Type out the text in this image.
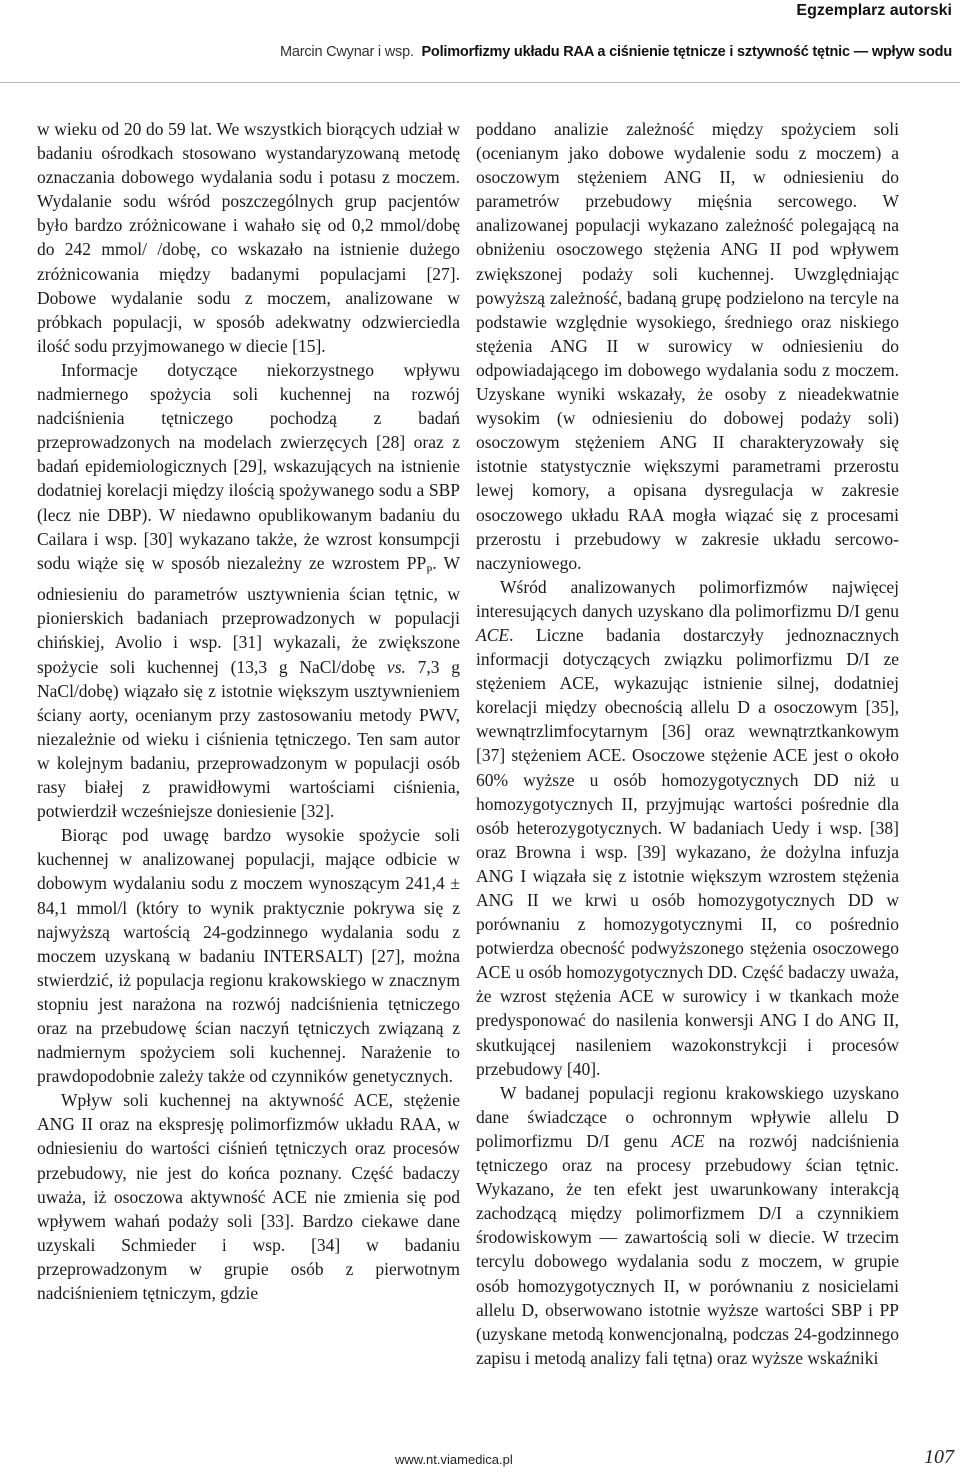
Egzemplarz autorski
Marcin Cwynar i wsp. Polimorfizmy układu RAA a ciśnienie tętnicze i sztywność tętnic — wpływ sodu

w wieku od 20 do 59 lat. We wszystkich biorących udział w badaniu ośrodkach stosowano wystandaryzowaną metodę oznaczania dobowego wydalania sodu i potasu z moczem. Wydalanie sodu wśród poszczególnych grup pacjentów było bardzo zróżnicowane i wahało się od 0,2 mmol/dobę do 242 mmol/ /dobę, co wskazało na istnienie dużego zróżnicowania między badanymi populacjami [27]. Dobowe wydalanie sodu z moczem, analizowane w próbkach populacji, w sposób adekwatny odzwierciedla ilość sodu przyjmowanego w diecie [15].

Informacje dotyczące niekorzystnego wpływu nadmiernego spożycia soli kuchennej na rozwój nadciśnienia tętniczego pochodzą z badań przeprowadzonych na modelach zwierzęcych [28] oraz z badań epidemiologicznych [29], wskazujących na istnienie dodatniej korelacji między ilością spożywanego sodu a SBP (lecz nie DBP). W niedawno opublikowanym badaniu du Cailara i wsp. [30] wykazano także, że wzrost konsumpcji sodu wiąże się w sposób niezależny ze wzrostem $PP_P$. W odniesieniu do parametrów usztywnienia ścian tętnic, w pionierskich badaniach przeprowadzonych w populacji chińskiej, Avolio i wsp. [31] wykazali, że zwiększone spożycie soli kuchennej (13,3 g NaCl/dobę vs. 7,3 g NaCl/dobę) wiązało się z istotnie większym usztywnieniem ściany aorty, ocenianym przy zastosowaniu metody PWV, niezależnie od wieku i ciśnienia tętniczego. Ten sam autor w kolejnym badaniu, przeprowadzonym w populacji osób rasy białej z prawidłowymi wartościami ciśnienia, potwierdził wcześniejsze doniesienie [32].

Biorąc pod uwagę bardzo wysokie spożycie soli kuchennej w analizowanej populacji, mające odbicie w dobowym wydalaniu sodu z moczem wynoszącym 241,4 ± 84,1 mmol/l (który to wynik praktycznie pokrywa się z najwyższą wartością 24-godzinnego wydalania sodu z moczem uzyskaną w badaniu INTERSALT) [27], można stwierdzić, iż populacja regionu krakowskiego w znacznym stopniu jest narażona na rozwój nadciśnienia tętniczego oraz na przebudowę ścian naczyń tętniczych związaną z nadmiernym spożyciem soli kuchennej. Narażenie to prawdopodobnie zależy także od czynników genetycznych.

Wpływ soli kuchennej na aktywność ACE, stężenie ANG II oraz na ekspresję polimorfizmów układu RAA, w odniesieniu do wartości ciśnień tętniczych oraz procesów przebudowy, nie jest do końca poznany. Część badaczy uważa, iż osoczowa aktywność ACE nie zmienia się pod wpływem wahań podaży soli [33]. Bardzo ciekawe dane uzyskali Schmieder i wsp. [34] w badaniu przeprowadzonym w grupie osób z pierwotnym nadciśnieniem tętniczym, gdzie

poddano analizie zależność między spożyciem soli (ocenianym jako dobowe wydalenie sodu z moczem) a osoczowym stężeniem ANG II, w odniesieniu do parametrów przebudowy mięśnia sercowego. W analizowanej populacji wykazano zależność polegającą na obniżeniu osoczowego stężenia ANG II pod wpływem zwiększonej podaży soli kuchennej. Uwzględniając powyższą zależność, badaną grupę podzielono na tercyle na podstawie względnie wysokiego, średniego oraz niskiego stężenia ANG II w surowicy w odniesieniu do odpowiadającego im dobowego wydalania sodu z moczem. Uzyskane wyniki wskazały, że osoby z nieadekwatnie wysokim (w odniesieniu do dobowej podaży soli) osoczowym stężeniem ANG II charakteryzowały się istotnie statystycznie większymi parametrami przerostu lewej komory, a opisana dysregulacja w zakresie osoczowego układu RAA mogła wiązać się z procesami przerostu i przebudowy w zakresie układu sercowo-naczyniowego.

Wśród analizowanych polimorfizmów najwięcej interesujących danych uzyskano dla polimorfizmu D/I genu ACE. Liczne badania dostarczyły jednoznacznych informacji dotyczących związku polimorfizmu D/I ze stężeniem ACE, wykazując istnienie silnej, dodatniej korelacji między obecnością allelu D a osoczowym [35], wewnątrzlimfocytarnym [36] oraz wewnątrztkankowym [37] stężeniem ACE. Osoczowe stężenie ACE jest o około 60% wyższe u osób homozygotycznych DD niż u homozygotycznych II, przyjmując wartości pośrednie dla osób heterozygotycznych. W badaniach Uedy i wsp. [38] oraz Browna i wsp. [39] wykazano, że dożylna infuzja ANG I wiązała się z istotnie większym wzrostem stężenia ANG II we krwi u osób homozygotycznych DD w porównaniu z homozygotycznymi II, co pośrednio potwierdza obecność podwyższonego stężenia osoczowego ACE u osób homozygotycznych DD. Część badaczy uważa, że wzrost stężenia ACE w surowicy i w tkankach może predysponować do nasilenia konwersji ANG I do ANG II, skutkującej nasileniem wazokonstrykcji i procesów przebudowy [40].

W badanej populacji regionu krakowskiego uzyskano dane świadczące o ochronnym wpływie allelu D polimorfizmu D/I genu ACE na rozwój nadciśnienia tętniczego oraz na procesy przebudowy ścian tętnic. Wykazano, że ten efekt jest uwarunkowany interakcją zachodzącą między polimorfizmem D/I a czynnikiem środowiskowym — zawartością soli w diecie. W trzecim tercylu dobowego wydalania sodu z moczem, w grupie osób homozygotycznych II, w porównaniu z nosicielami allelu D, obserwowano istotnie wyższe wartości SBP i PP (uzyskane metodą konwencjonalną, podczas 24-godzinnego zapisu i metodą analizy fali tętna) oraz wyższe wskaźniki

www.nt.viamedica.pl	107
